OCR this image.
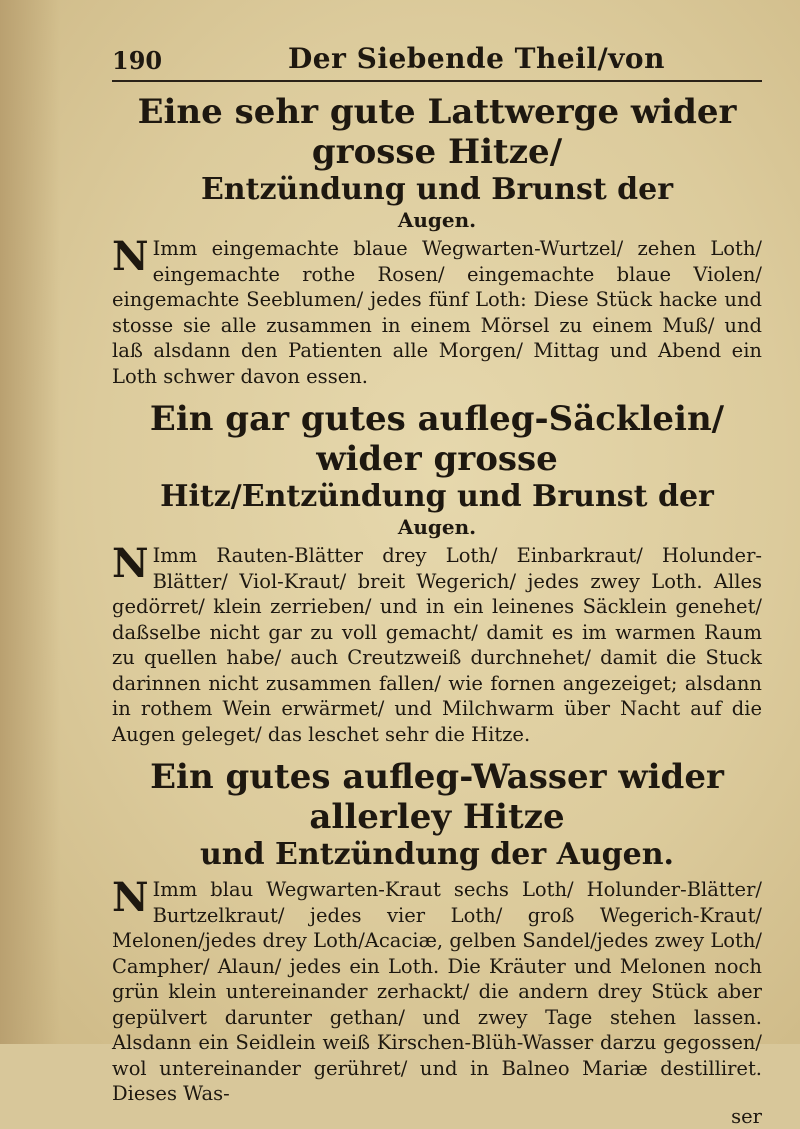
190	Der Siebende Theil/von
Eine sehr gute Lattwerge wider grosse Hitze/
Entzündung und Brunst der
Augen.

NImm eingemachte blaue Wegwarten-Wurtzel/ zehen Loth/ eingemachte rothe Rosen/ eingemachte blaue Violen/ eingemachte Seeblumen/ jedes fünf Loth: Diese Stück hacke und stosse sie alle zusammen in einem Mörsel zu einem Muß/ und laß alsdann den Patienten alle Morgen/ Mittag und Abend ein Loth schwer davon essen.

Ein gar gutes aufleg-Säcklein/ wider grosse
Hitz/Entzündung und Brunst der
Augen.

NImm Rauten-Blätter drey Loth/ Einbarkraut/ Holunder-Blätter/ Viol-Kraut/ breit Wegerich/ jedes zwey Loth. Alles gedörret/ klein zerrieben/ und in ein leinenes Säcklein genehet/ daßselbe nicht gar zu voll gemacht/ damit es im warmen Raum zu quellen habe/ auch Creutzweiß durchnehet/ damit die Stuck darinnen nicht zusammen fallen/ wie fornen angezeiget; alsdann in rothem Wein erwärmet/ und Milchwarm über Nacht auf die Augen geleget/ das leschet sehr die Hitze.

Ein gutes aufleg-Wasser wider allerley Hitze
und Entzündung der Augen.

NImm blau Wegwarten-Kraut sechs Loth/ Holunder-Blätter/ Burtzelkraut/ jedes vier Loth/ groß Wegerich-Kraut/ Melonen/jedes drey Loth/Acaciæ, gelben Sandel/jedes zwey Loth/ Campher/ Alaun/ jedes ein Loth. Die Kräuter und Melonen noch grün klein untereinander zerhackt/ die andern drey Stück aber gepülvert darunter gethan/ und zwey Tage stehen lassen. Alsdann ein Seidlein weiß Kirschen-Blüh-Wasser darzu gegossen/ wol untereinander gerühret/ und in Balneo Mariæ destilliret. Dieses Was-

ser
